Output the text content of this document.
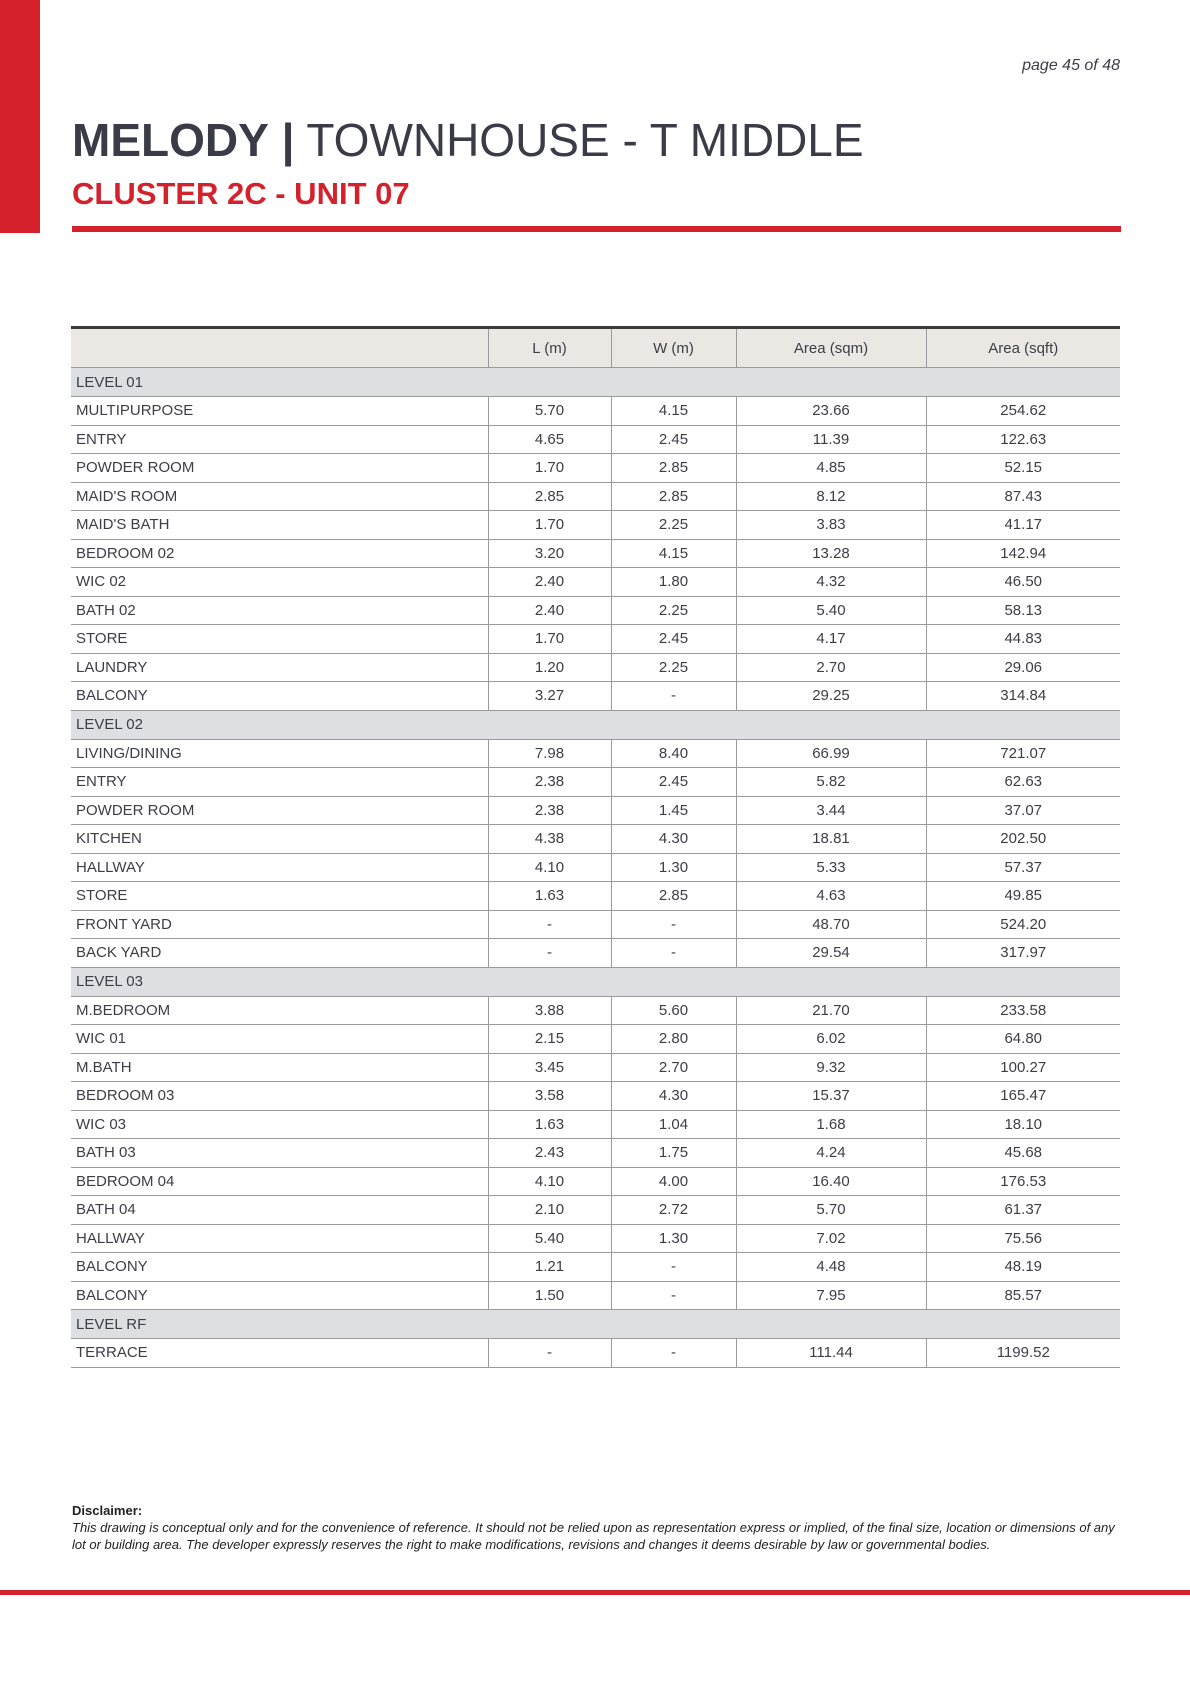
page 45 of 48
MELODY | TOWNHOUSE - T MIDDLE
CLUSTER 2C - UNIT 07
	L (m)	W (m)	Area (sqm)	Area (sqft)
LEVEL 01				
MULTIPURPOSE	5.70	4.15	23.66	254.62
ENTRY	4.65	2.45	11.39	122.63
POWDER ROOM	1.70	2.85	4.85	52.15
MAID'S ROOM	2.85	2.85	8.12	87.43
MAID'S BATH	1.70	2.25	3.83	41.17
BEDROOM 02	3.20	4.15	13.28	142.94
WIC 02	2.40	1.80	4.32	46.50
BATH 02	2.40	2.25	5.40	58.13
STORE	1.70	2.45	4.17	44.83
LAUNDRY	1.20	2.25	2.70	29.06
BALCONY	3.27	-	29.25	314.84
LEVEL 02				
LIVING/DINING	7.98	8.40	66.99	721.07
ENTRY	2.38	2.45	5.82	62.63
POWDER ROOM	2.38	1.45	3.44	37.07
KITCHEN	4.38	4.30	18.81	202.50
HALLWAY	4.10	1.30	5.33	57.37
STORE	1.63	2.85	4.63	49.85
FRONT YARD	-	-	48.70	524.20
BACK YARD	-	-	29.54	317.97
LEVEL 03				
M.BEDROOM	3.88	5.60	21.70	233.58
WIC 01	2.15	2.80	6.02	64.80
M.BATH	3.45	2.70	9.32	100.27
BEDROOM 03	3.58	4.30	15.37	165.47
WIC 03	1.63	1.04	1.68	18.10
BATH 03	2.43	1.75	4.24	45.68
BEDROOM 04	4.10	4.00	16.40	176.53
BATH 04	2.10	2.72	5.70	61.37
HALLWAY	5.40	1.30	7.02	75.56
BALCONY	1.21	-	4.48	48.19
BALCONY	1.50	-	7.95	85.57
LEVEL RF				
TERRACE	-	-	111.44	1199.52
Disclaimer:
This drawing is conceptual only and for the convenience of reference. It should not be relied upon as representation express or implied, of the final size, location or dimensions of any lot or building area. The developer expressly reserves the right to make modifications, revisions and changes it deems desirable by law or governmental bodies.
